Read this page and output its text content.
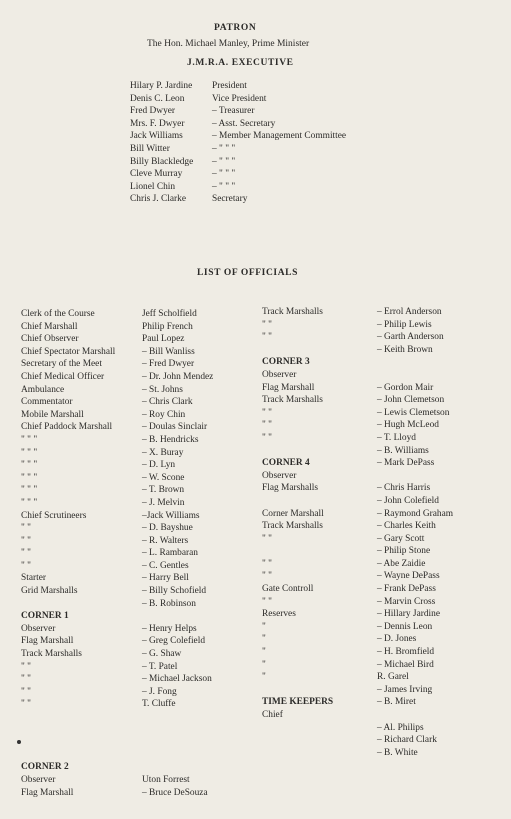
PATRON
The Hon. Michael Manley, Prime Minister
J.M.R.A. EXECUTIVE
Hilary P. Jardine
Denis C. Leon
Fred Dwyer
Mrs. F. Dwyer
Jack Williams
Bill Witter
Billy Blackledge
Cleve Murray
Lionel Chin
Chris J. Clarke
President
Vice President
– Treasurer
– Asst. Secretary
– Member Management Committee
– " " "
– " " "
– " " "
– " " "
Secretary
LIST OF OFFICIALS
Clerk of the Course
Chief Marshall
Chief Observer
Chief Spectator Marshall
Secretary of the Meet
Chief Medical Officer
Ambulance
Commentator
Mobile Marshall
Chief Paddock Marshall
" " "
" " "
" " "
" " "
" " "
" " "
Chief Scrutineers
" "
" "
" "
" "
Starter
Grid Marshalls
CORNER 1
Observer
Flag Marshall
Track Marshalls
" "
" "
" "
" "
CORNER 2
Observer
Flag Marshall
Jeff Scholfield
Philip French
Paul Lopez
– Bill Wanliss
– Fred Dwyer
– Dr. John Mendez
– St. Johns
– Chris Clark
– Roy Chin
– Doulas Sinclair
– B. Hendricks
– X. Buray
– D. Lyn
– W. Scone
– T. Brown
– J. Melvin
–Jack Williams
– D. Bayshue
– R. Walters
– L. Rambaran
– C. Gentles
– Harry Bell
– Billy Schofield
– B. Robinson
– Henry Helps
– Greg Colefield
– G. Shaw
– T. Patel
– Michael Jackson
– J. Fong
T. Cluffe
Uton Forrest
– Bruce DeSouza
Track Marshalls
" "
" "
CORNER 3
Observer
Flag Marshall
Track Marshalls
" "
" "
" "
CORNER 4
Observer
Flag Marshalls
Corner Marshall
Track Marshalls
" "
" "
" "
Gate Controll
" "
Reserves
"
"
"
"
"
TIME KEEPERS
Chief
– Errol Anderson
– Philip Lewis
– Garth Anderson
– Keith Brown
– Gordon Mair
– John Clemetson
– Lewis Clemetson
– Hugh McLeod
– T. Lloyd
– B. Williams
– Mark DePass
– Chris Harris
– John Colefield
– Raymond Graham
– Charles Keith
– Gary Scott
– Philip Stone
– Abe Zaidie
– Wayne DePass
– Frank DePass
– Marvin Cross
– Hillary Jardine
– Dennis Leon
– D. Jones
– H. Bromfield
– Michael Bird
R. Garel
– James Irving
– B. Miret
– Al. Philips
– Richard Clark
– B. White
